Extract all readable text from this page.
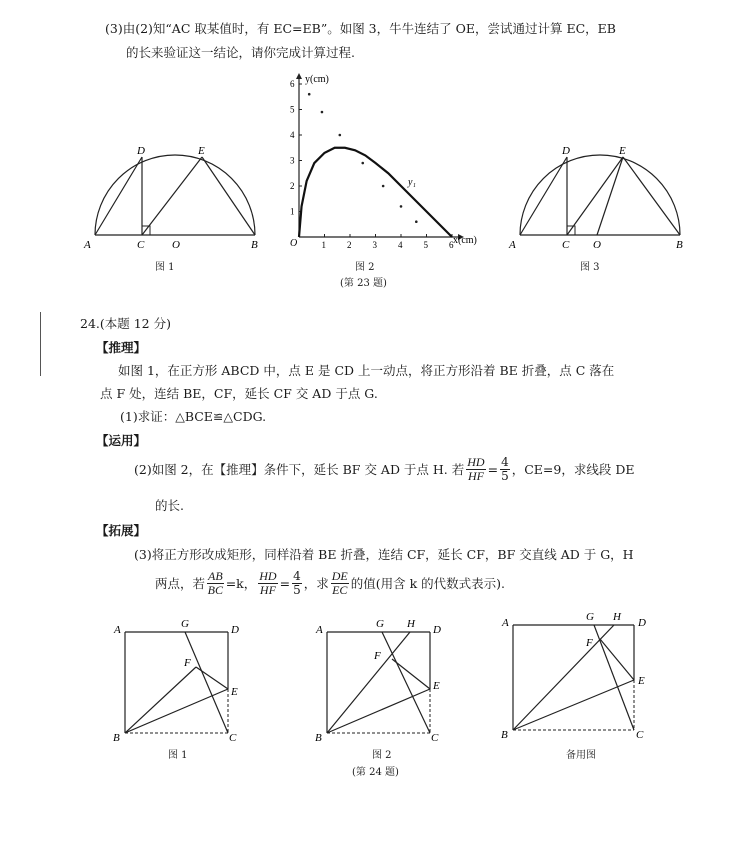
(3)由(2)知“AC 取某值时，有 EC=EB”。如图 3，牛牛连结了 OE，尝试通过计算 EC，EB
的长来验证这一结论，请你完成计算过程.
A	C	O	B
D	E
图 1
y(cm)
x(cm)
O
y₁
1 2 3 4 5 6
1
2
3
4
5
6
图 2
(第 23 题)
A	C O	B
D	E
图 3
24.(本题 12 分)
【推理】
如图 1，在正方形 ABCD 中，点 E 是 CD 上一动点，将正方形沿着 BE 折叠，点 C 落在
点 F 处，连结 BE，CF，延长 CF 交 AD 于点 G.
(1)求证：△BCE≌△CDG.
【运用】
(2)如图 2，在【推理】条件下，延长 BF 交 AD 于点 H. 若 $\frac{HD}{HF} = \frac{4}{5}$ ，CE=9，求线段 DE
的长.
【拓展】
(3)将正方形改成矩形，同样沿着 BE 折叠，连结 CF，延长 CF，BF 交直线 AD 于 G，H
两点，若 $\frac{AB}{BC} =k$， $\frac{HD}{HF} = \frac{4}{5}$ ，求 $\frac{DE}{EC}$ 的值(用含 k 的代数式表示).
A	D
G
F
E
B	C
图 1
A	D
G H
F
E
B	C
图 2
A	D
G H
F
E
B	C
备用图
(第 24 题)
